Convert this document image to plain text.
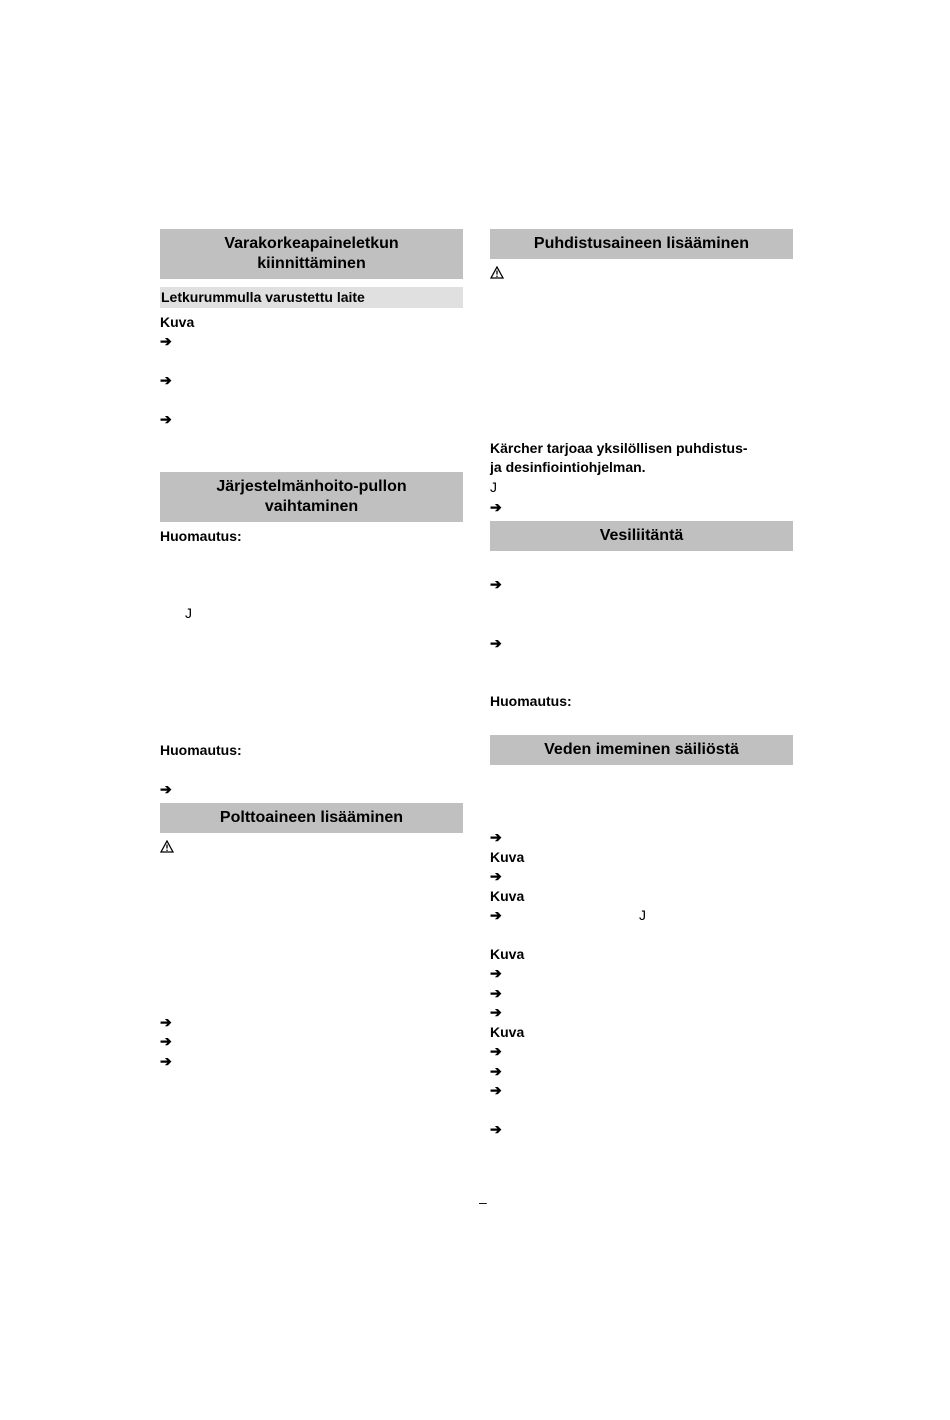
Varakorkeapaineletkun
kiinnittäminen
Letkurummulla varustettu laite
Kuva
➔
➔
➔
Järjestelmänhoito-pullon
vaihtaminen
Huomautus:
J
Huomautus:
➔
Polttoaineen lisääminen
➔
➔
➔
Puhdistusaineen lisääminen
Kärcher tarjoaa yksilöllisen puhdistus-
ja desinfiointiohjelman.
J
➔
Vesiliitäntä
➔
➔
Huomautus:
Veden imeminen säiliöstä
➔
Kuva
➔
Kuva
➔	J
Kuva
➔
➔
➔
Kuva
➔
➔
➔
➔
–
